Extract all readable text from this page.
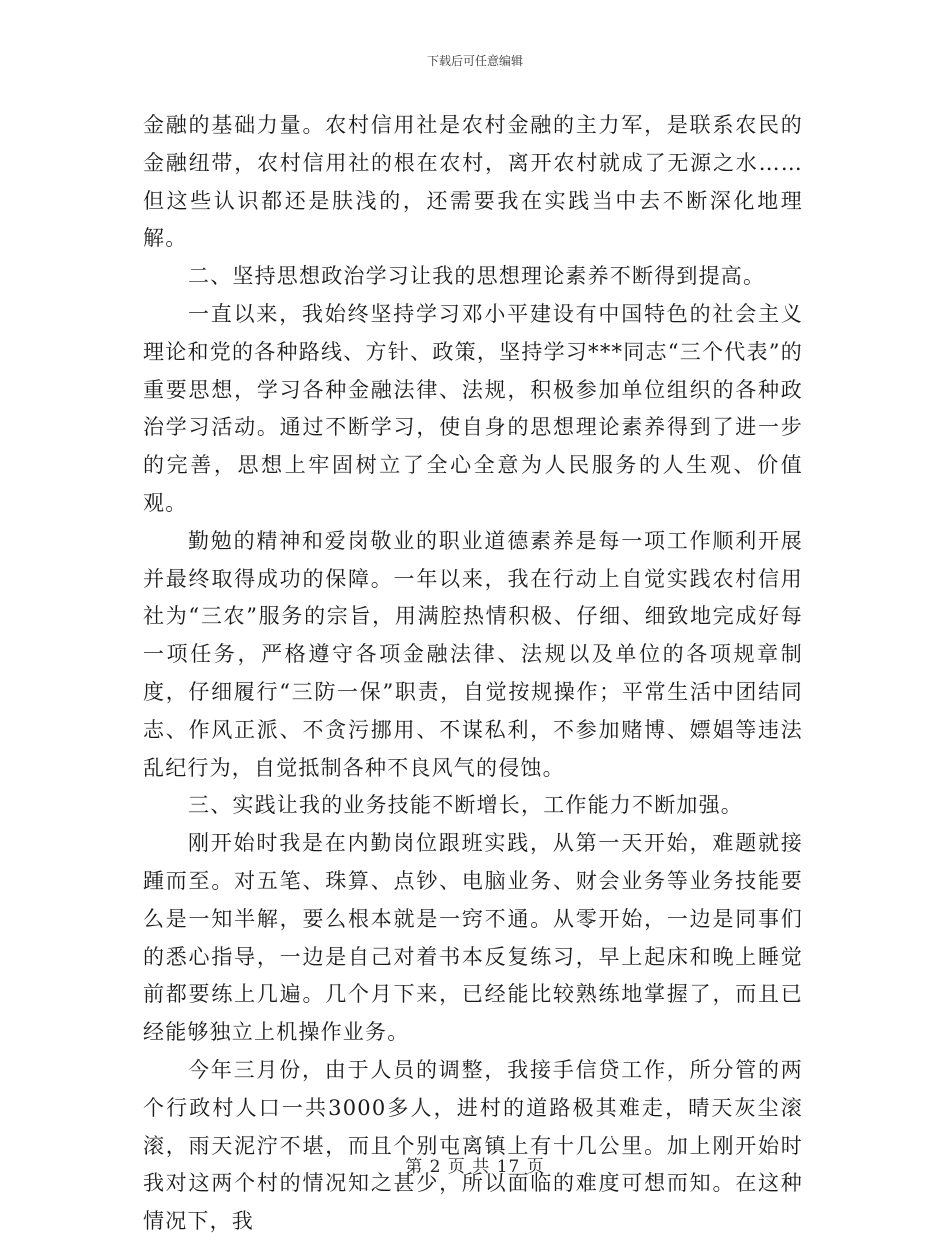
下载后可任意编辑

金融的基础力量。农村信用社是农村金融的主力军，是联系农民的金融纽带，农村信用社的根在农村，离开农村就成了无源之水……但这些认识都还是肤浅的，还需要我在实践当中去不断深化地理解。

二、坚持思想政治学习让我的思想理论素养不断得到提高。

一直以来，我始终坚持学习邓小平建设有中国特色的社会主义理论和党的各种路线、方针、政策，坚持学习***同志“三个代表”的重要思想，学习各种金融法律、法规，积极参加单位组织的各种政治学习活动。通过不断学习，使自身的思想理论素养得到了进一步的完善，思想上牢固树立了全心全意为人民服务的人生观、价值观。

勤勉的精神和爱岗敬业的职业道德素养是每一项工作顺利开展并最终取得成功的保障。一年以来，我在行动上自觉实践农村信用社为“三农”服务的宗旨，用满腔热情积极、仔细、细致地完成好每一项任务，严格遵守各项金融法律、法规以及单位的各项规章制度，仔细履行“三防一保”职责，自觉按规操作；平常生活中团结同志、作风正派、不贪污挪用、不谋私利，不参加赌博、嫖娼等违法乱纪行为，自觉抵制各种不良风气的侵蚀。

三、实践让我的业务技能不断增长，工作能力不断加强。

刚开始时我是在内勤岗位跟班实践，从第一天开始，难题就接踵而至。对五笔、珠算、点钞、电脑业务、财会业务等业务技能要么是一知半解，要么根本就是一窍不通。从零开始，一边是同事们的悉心指导，一边是自己对着书本反复练习，早上起床和晚上睡觉前都要练上几遍。几个月下来，已经能比较熟练地掌握了，而且已经能够独立上机操作业务。

今年三月份，由于人员的调整，我接手信贷工作，所分管的两个行政村人口一共3000多人，进村的道路极其难走，晴天灰尘滚滚，雨天泥泞不堪，而且个别屯离镇上有十几公里。加上刚开始时我对这两个村的情况知之甚少，所以面临的难度可想而知。在这种情况下，我

第 2 页 共 17 页
